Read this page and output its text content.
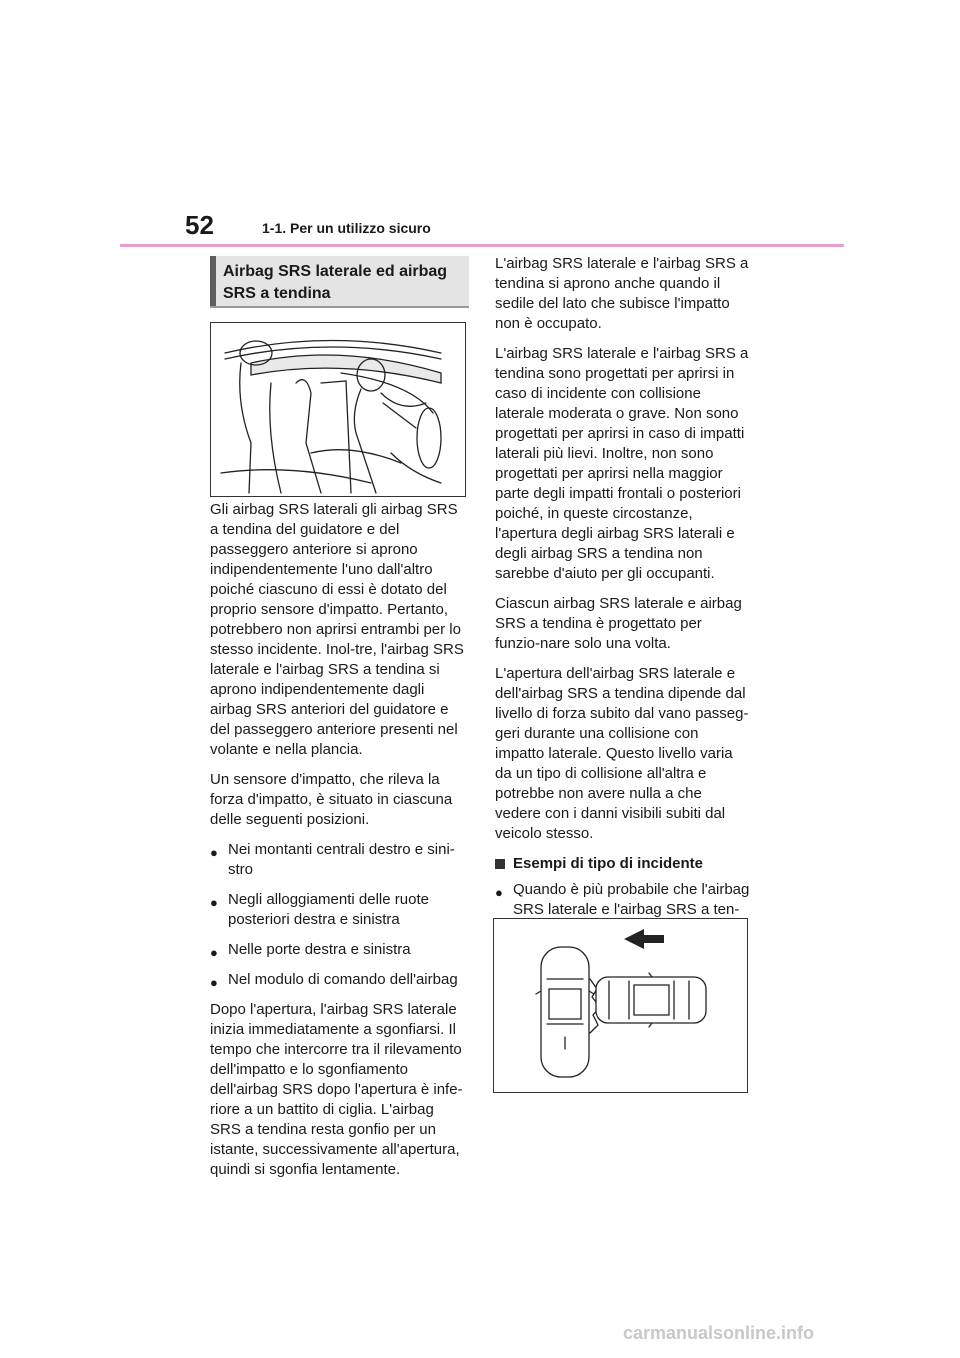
52	1-1. Per un utilizzo sicuro
Airbag SRS laterale ed airbag SRS a tendina

Gli airbag SRS laterali gli airbag SRS a tendina del guidatore e del passeggero anteriore si aprono indipendentemente l'uno dall'altro poiché ciascuno di essi è dotato del proprio sensore d'impatto. Pertanto, potrebbero non aprirsi entrambi per lo stesso incidente. Inol-tre, l'airbag SRS laterale e l'airbag SRS a tendina si aprono indipendentemente dagli airbag SRS anteriori del guidatore e del passeggero anteriore presenti nel volante e nella plancia.

Un sensore d'impatto, che rileva la forza d'impatto, è situato in ciascuna delle seguenti posizioni.

● Nei montanti centrali destro e sini-stro
● Negli alloggiamenti delle ruote posteriori destra e sinistra
● Nelle porte destra e sinistra
● Nel modulo di comando dell'airbag

Dopo l'apertura, l'airbag SRS laterale inizia immediatamente a sgonfiarsi. Il tempo che intercorre tra il rilevamento dell'impatto e lo sgonfiamento dell'airbag SRS dopo l'apertura è infe-riore a un battito di ciglia. L'airbag SRS a tendina resta gonfio per un istante, successivamente all'apertura, quindi si sgonfia lentamente.

L'airbag SRS laterale e l'airbag SRS a tendina si aprono anche quando il sedile del lato che subisce l'impatto non è occupato.

L'airbag SRS laterale e l'airbag SRS a tendina sono progettati per aprirsi in caso di incidente con collisione laterale moderata o grave. Non sono progettati per aprirsi in caso di impatti laterali più lievi. Inoltre, non sono progettati per aprirsi nella maggior parte degli impatti frontali o posteriori poiché, in queste circostanze, l'apertura degli airbag SRS laterali e degli airbag SRS a tendina non sarebbe d'aiuto per gli occupanti.

Ciascun airbag SRS laterale e airbag SRS a tendina è progettato per funzio-nare solo una volta.

L'apertura dell'airbag SRS laterale e dell'airbag SRS a tendina dipende dal livello di forza subito dal vano passeg-geri durante una collisione con impatto laterale. Questo livello varia da un tipo di collisione all'altra e potrebbe non avere nulla a che vedere con i danni visibili subiti dal veicolo stesso.

Esempi di tipo di incidente
● Quando è più probabile che l'airbag SRS laterale e l'airbag SRS a ten-
carmanualsonline.info
